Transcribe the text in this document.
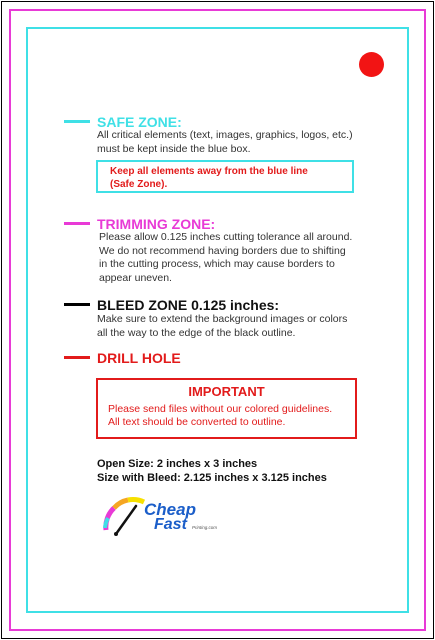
SAFE ZONE:
All critical elements (text, images, graphics, logos, etc.)
must be kept inside the blue box.
Keep all elements away from the blue line
(Safe Zone).
TRIMMING ZONE:
Please allow 0.125 inches cutting tolerance all around.
We do not recommend having borders due to shifting
in the cutting process, which may cause borders to
appear uneven.
BLEED ZONE 0.125 inches:
Make sure to extend the background images or colors
all the way to the edge of the black outline.
DRILL HOLE
IMPORTANT
Please send files without our colored guidelines.
All text should be converted to outline.
Open Size: 2 inches x 3 inches
Size with Bleed: 2.125 inches x 3.125 inches
Cheap
Fast Printing.com
